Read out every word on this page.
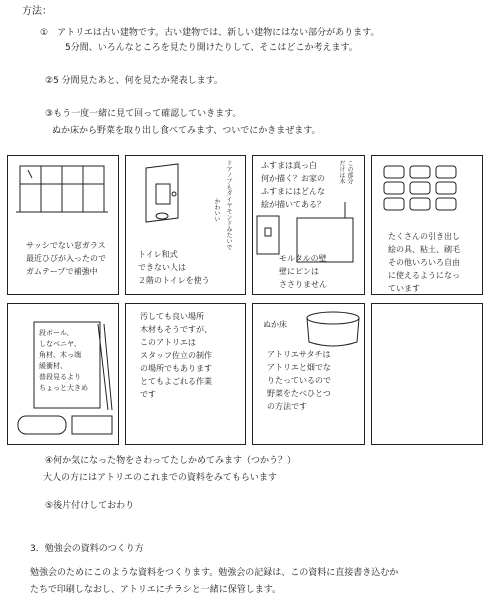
方法：
①　アトリエは古い建物です。古い建物では、新しい建物にはない部分があります。
5分間、いろんなところを見たり開けたりして、そこはどこか考えます。
②5 分間見たあと、何を見たか発表します。
③もう一度一緒に見て回って確認していきます。
ぬか床から野菜を取り出し食べてみます、ついでにかきまぜます。
サッシでない窓ガラス
最近ひびが入ったので
ガムテープで補強中
ドアノブもダイヤモンドみたいで
かわいい
トイレ和式
できない人は
２階のトイレを使う
ふすまは真っ白
何か描く？お家の
ふすまにはどんな
絵が描いてある？
この部分
だけは木
モルタルの壁
壁にピンは
ささりません
たくさんの引き出し
絵の具、粘土、刷毛
その他いろいろ自由
に使えるようになっ
ています
段ボール、
しなベニヤ、
角材、木っ端
緩衝材、
普段見るより
ちょっと大きめ
汚しても良い場所
木材もそうですが、
このアトリエは
スタッフ佐立の制作
の場所でもあります
とてもよごれる作業
です
ぬか床
アトリエサタチは
アトリエと畑でな
りたっているので
野菜をたべひとつ
の方法です
④何か気になった物をさわってたしかめてみます（つかう？）
大人の方にはアトリエのこれまでの資料をみてもらいます
⑤後片付けしておわり
3．勉強会の資料のつくり方
勉強会のためにこのような資料をつくります。勉強会の記録は、この資料に直接書き込むか
たちで印刷しなおし、アトリエにチラシと一緒に保管します。
